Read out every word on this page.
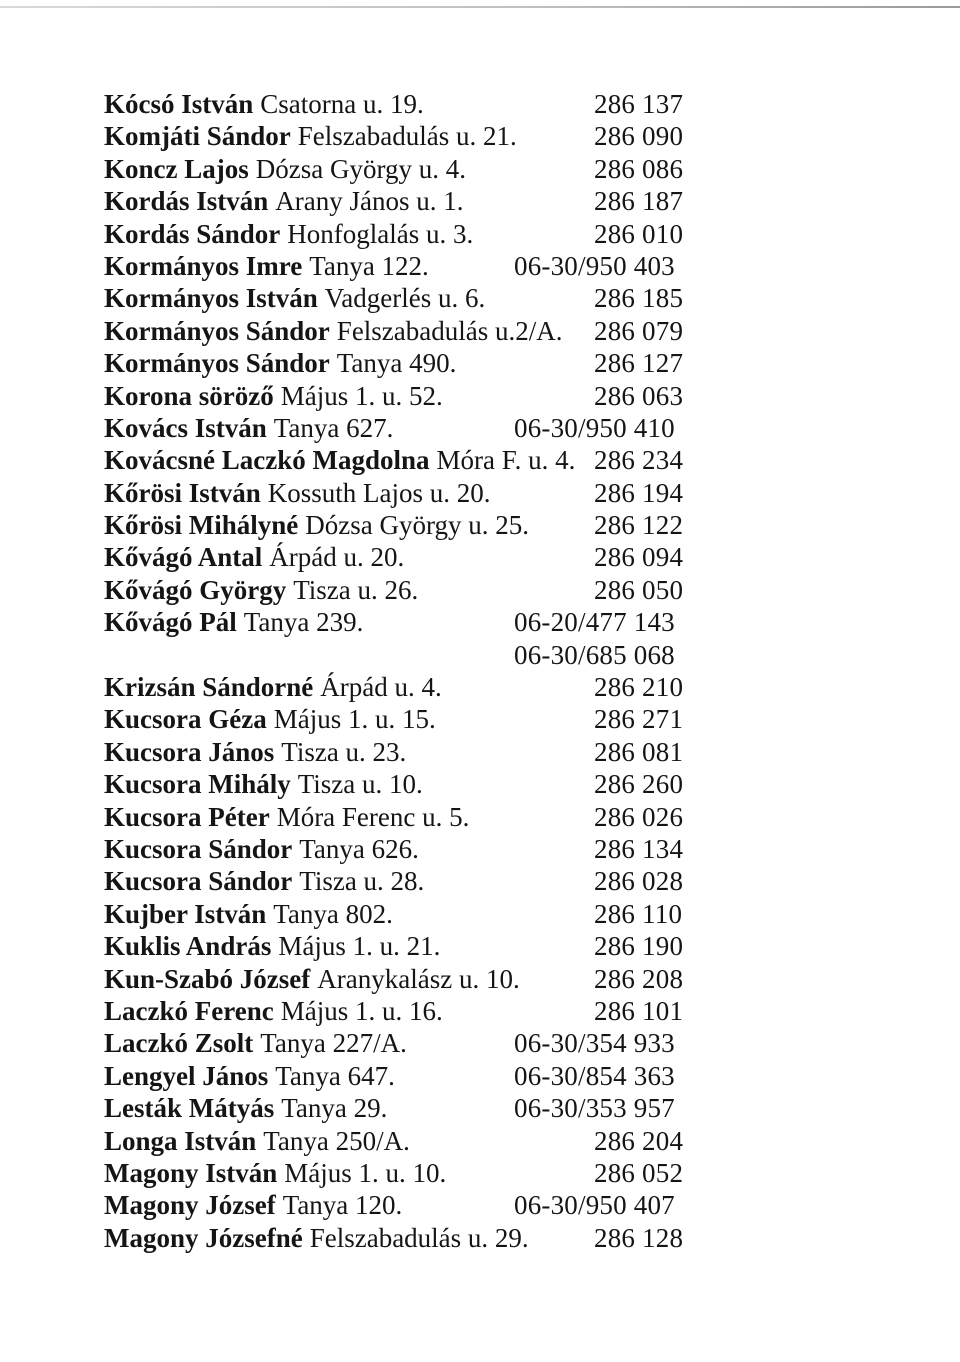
Kócsó István Csatorna u. 19.	286 137
Komjáti Sándor Felszabadulás u. 21.	286 090
Koncz Lajos Dózsa György u. 4.	286 086
Kordás István Arany János u. 1.	286 187
Kordás Sándor Honfoglalás u. 3.	286 010
Kormányos Imre Tanya 122.	06-30/950 403
Kormányos István Vadgerlés u. 6.	286 185
Kormányos Sándor Felszabadulás u.2/A. 286 079
Kormányos Sándor Tanya 490.	286 127
Korona söröző Május 1. u. 52.	286 063
Kovács István Tanya 627.	06-30/950 410
Kovácsné Laczkó Magdolna Móra F. u. 4. 286 234
Kőrösi István Kossuth Lajos u. 20.	286 194
Kőrösi Mihályné Dózsa György u. 25. 286 122
Kővágó Antal Árpád u. 20.	286 094
Kővágó György Tisza u. 26.	286 050
Kővágó Pál Tanya 239.	06-20/477 143
06-30/685 068
Krizsán Sándorné Árpád u. 4.	286 210
Kucsora Géza Május 1. u. 15.	286 271
Kucsora János Tisza u. 23.	286 081
Kucsora Mihály Tisza u. 10.	286 260
Kucsora Péter Móra Ferenc u. 5.	286 026
Kucsora Sándor Tanya 626.	286 134
Kucsora Sándor Tisza u. 28.	286 028
Kujber István Tanya 802.	286 110
Kuklis András Május 1. u. 21.	286 190
Kun-Szabó József Aranykalász u. 10.	286 208
Laczkó Ferenc Május 1. u. 16.	286 101
Laczkó Zsolt Tanya 227/A.	06-30/354 933
Lengyel János Tanya 647.	06-30/854 363
Lesták Mátyás Tanya 29.	06-30/353 957
Longa István Tanya 250/A.	286 204
Magony István Május 1. u. 10.	286 052
Magony József Tanya 120.	06-30/950 407
Magony Józsefné Felszabadulás u. 29. 286 128
